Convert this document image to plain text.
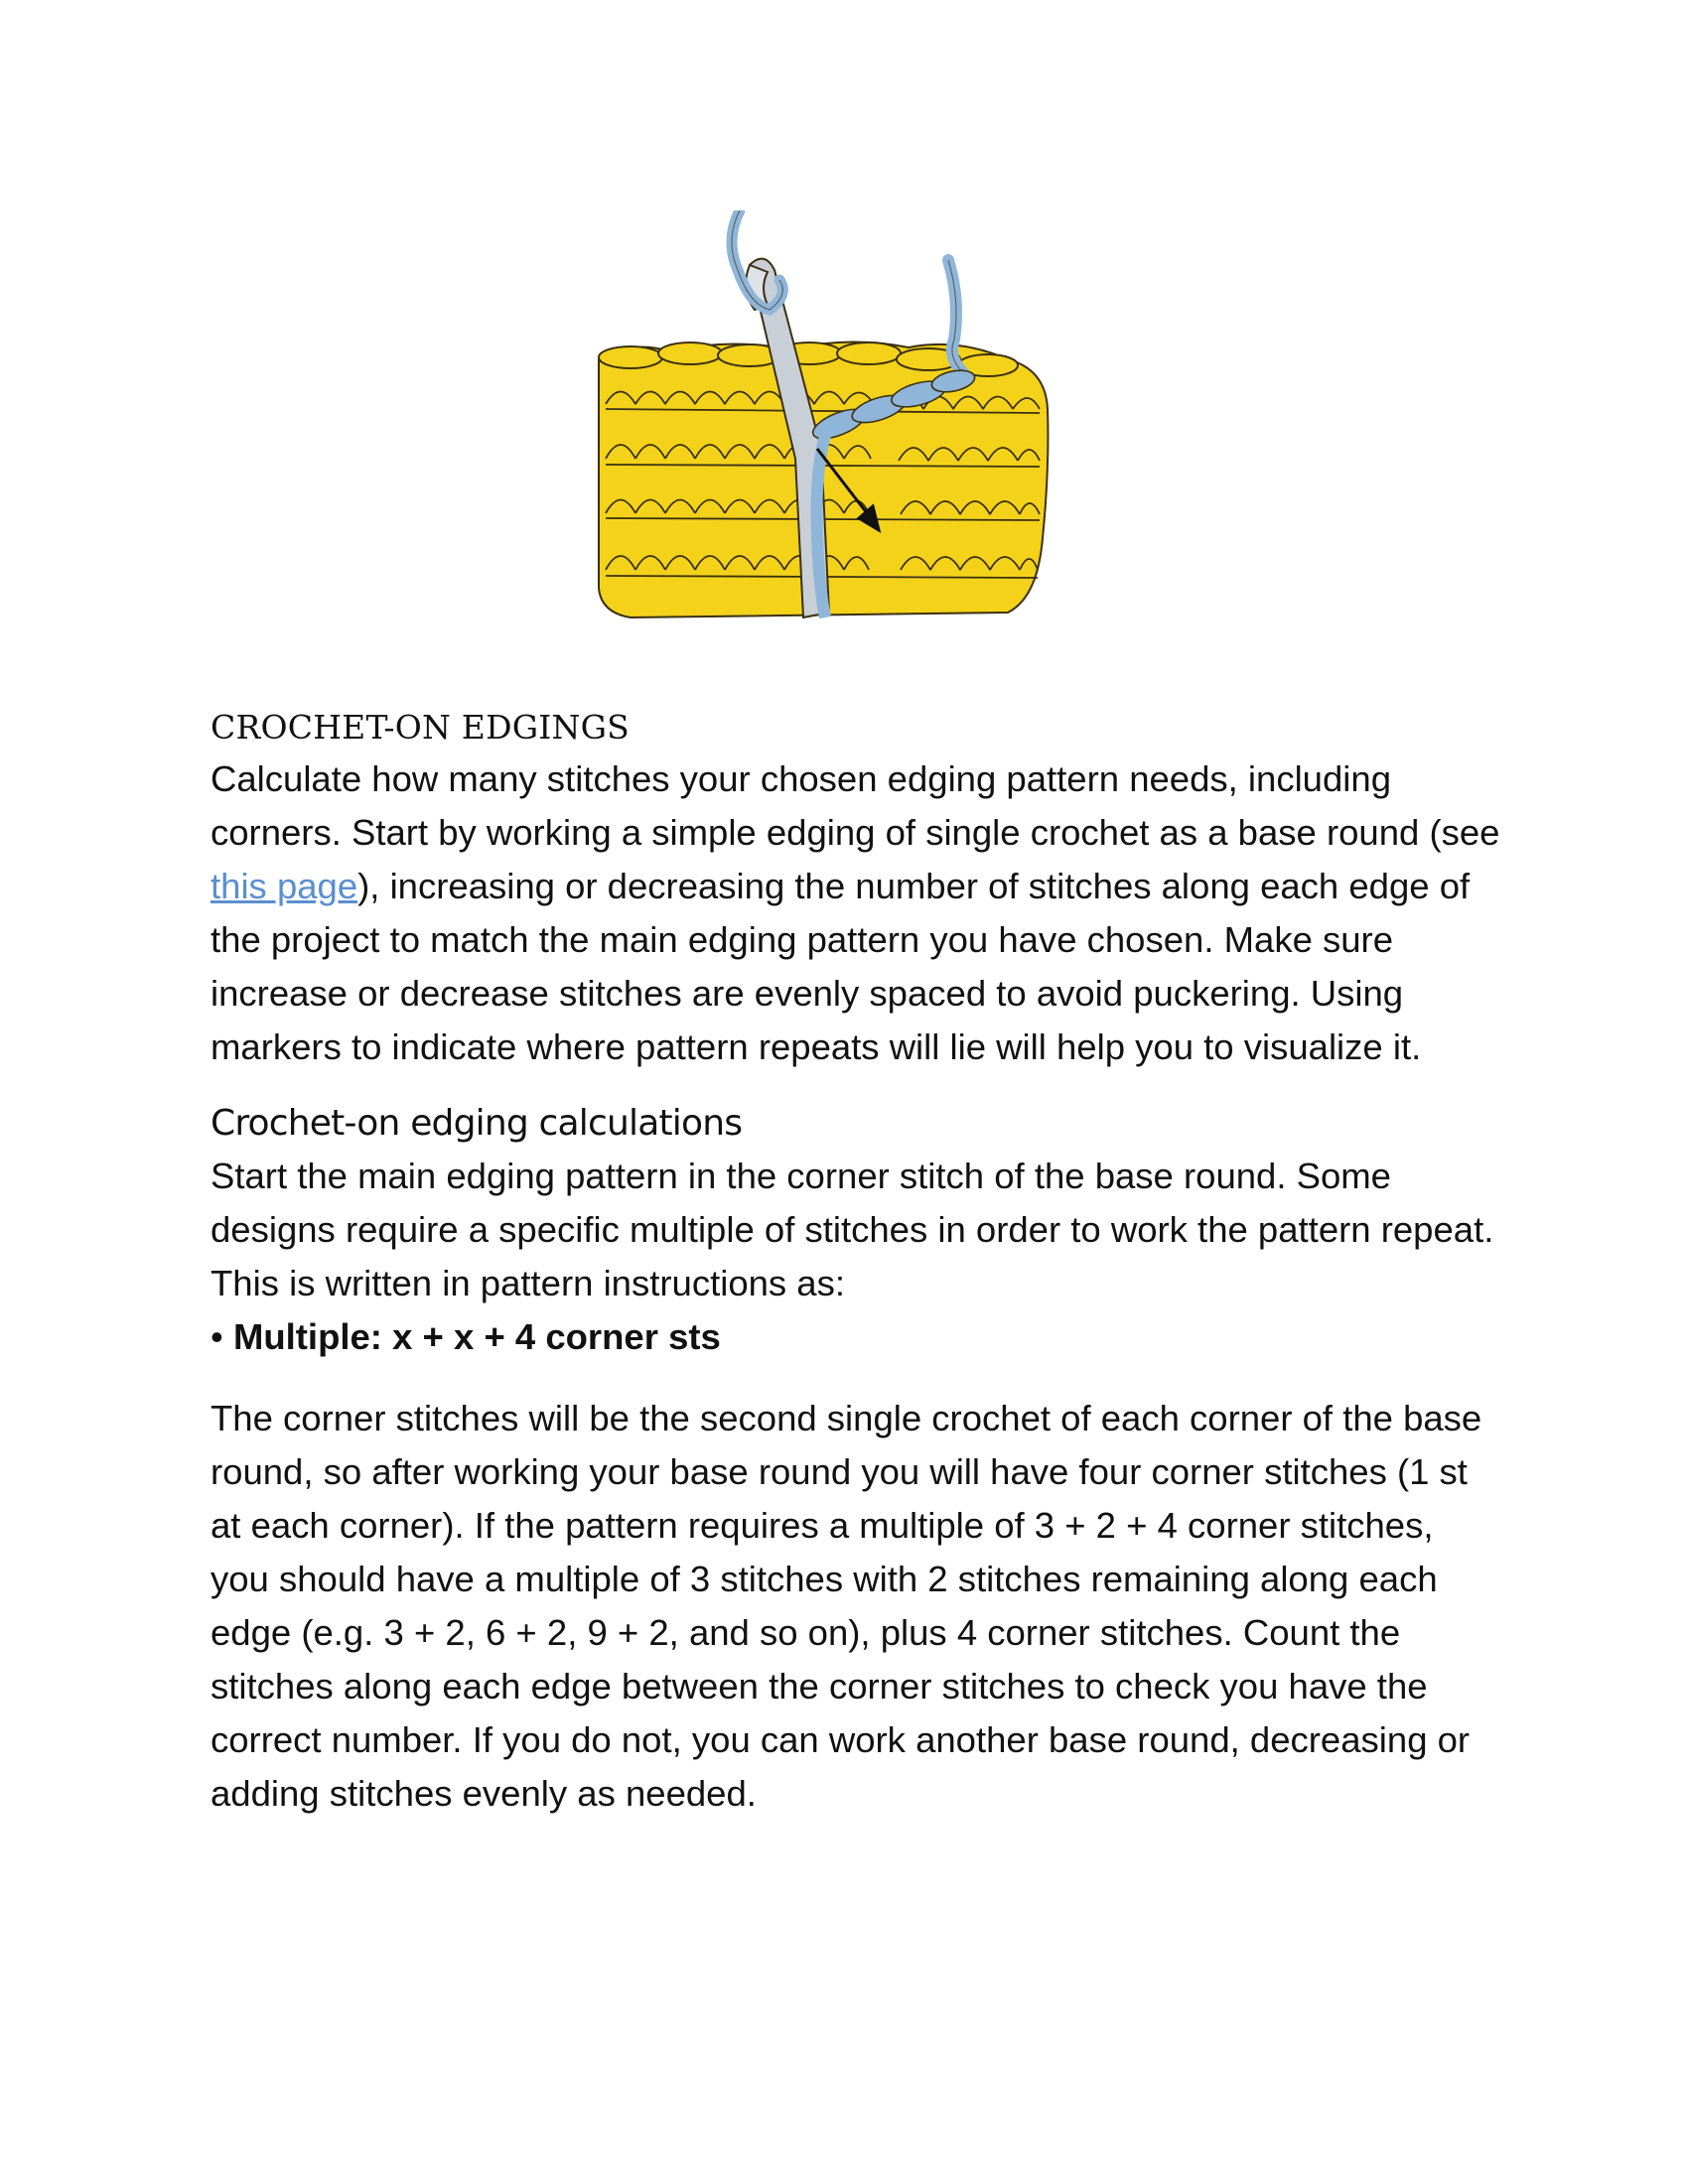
CROCHET-ON EDGINGS

Calculate how many stitches your chosen edging pattern needs, including corners. Start by working a simple edging of single crochet as a base round (see this page), increasing or decreasing the number of stitches along each edge of the project to match the main edging pattern you have chosen. Make sure increase or decrease stitches are evenly spaced to avoid puckering. Using markers to indicate where pattern repeats will lie will help you to visualize it.

Crochet-on edging calculations

Start the main edging pattern in the corner stitch of the base round. Some designs require a specific multiple of stitches in order to work the pattern repeat. This is written in pattern instructions as:

• Multiple: x + x + 4 corner sts

The corner stitches will be the second single crochet of each corner of the base round, so after working your base round you will have four corner stitches (1 st at each corner). If the pattern requires a multiple of 3 + 2 + 4 corner stitches, you should have a multiple of 3 stitches with 2 stitches remaining along each edge (e.g. 3 + 2, 6 + 2, 9 + 2, and so on), plus 4 corner stitches. Count the stitches along each edge between the corner stitches to check you have the correct number. If you do not, you can work another base round, decreasing or adding stitches evenly as needed.
